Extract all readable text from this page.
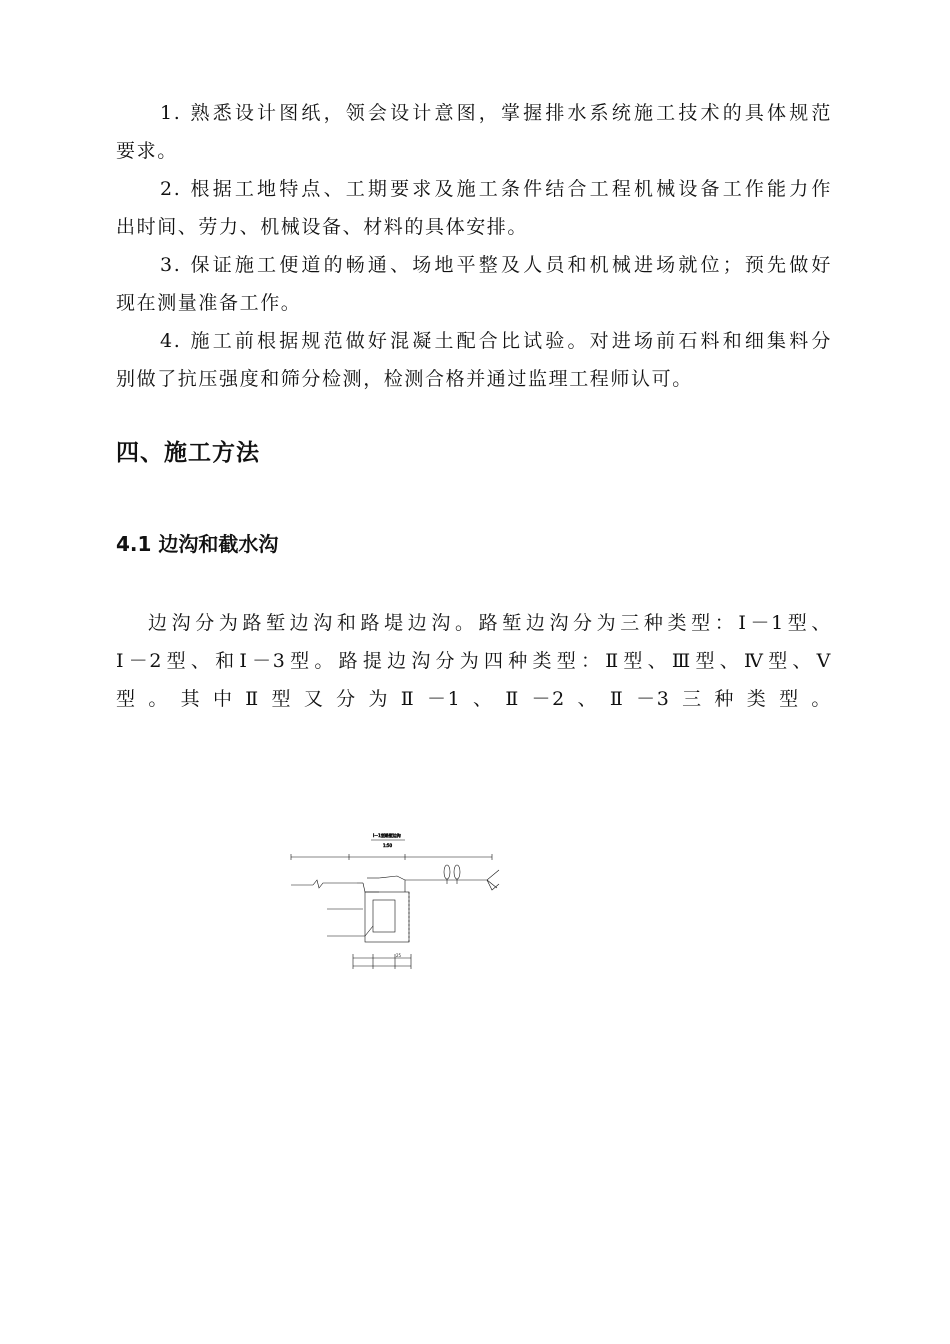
1. 熟悉设计图纸，领会设计意图，掌握排水系统施工技术的具体规范
要求。

2. 根据工地特点、工期要求及施工条件结合工程机械设备工作能力作
出时间、劳力、机械设备、材料的具体安排。

3. 保证施工便道的畅通、场地平整及人员和机械进场就位；预先做好
现在测量准备工作。

4. 施工前根据规范做好混凝土配合比试验。对进场前石料和细集料分
别做了抗压强度和筛分检测，检测合格并通过监理工程师认可。

四、施工方法
4.1 边沟和截水沟

边沟分为路堑边沟和路堤边沟。路堑边沟分为三种类型：Ⅰ－1型、
Ⅰ－2型、和Ⅰ－3型。路提边沟分为四种类型：Ⅱ型、Ⅲ型、Ⅳ型、Ⅴ
型。其中Ⅱ型又分为Ⅱ－1、Ⅱ－2、Ⅱ－3三种类型。

Ⅰ－1型路堑边沟
1:50
25
